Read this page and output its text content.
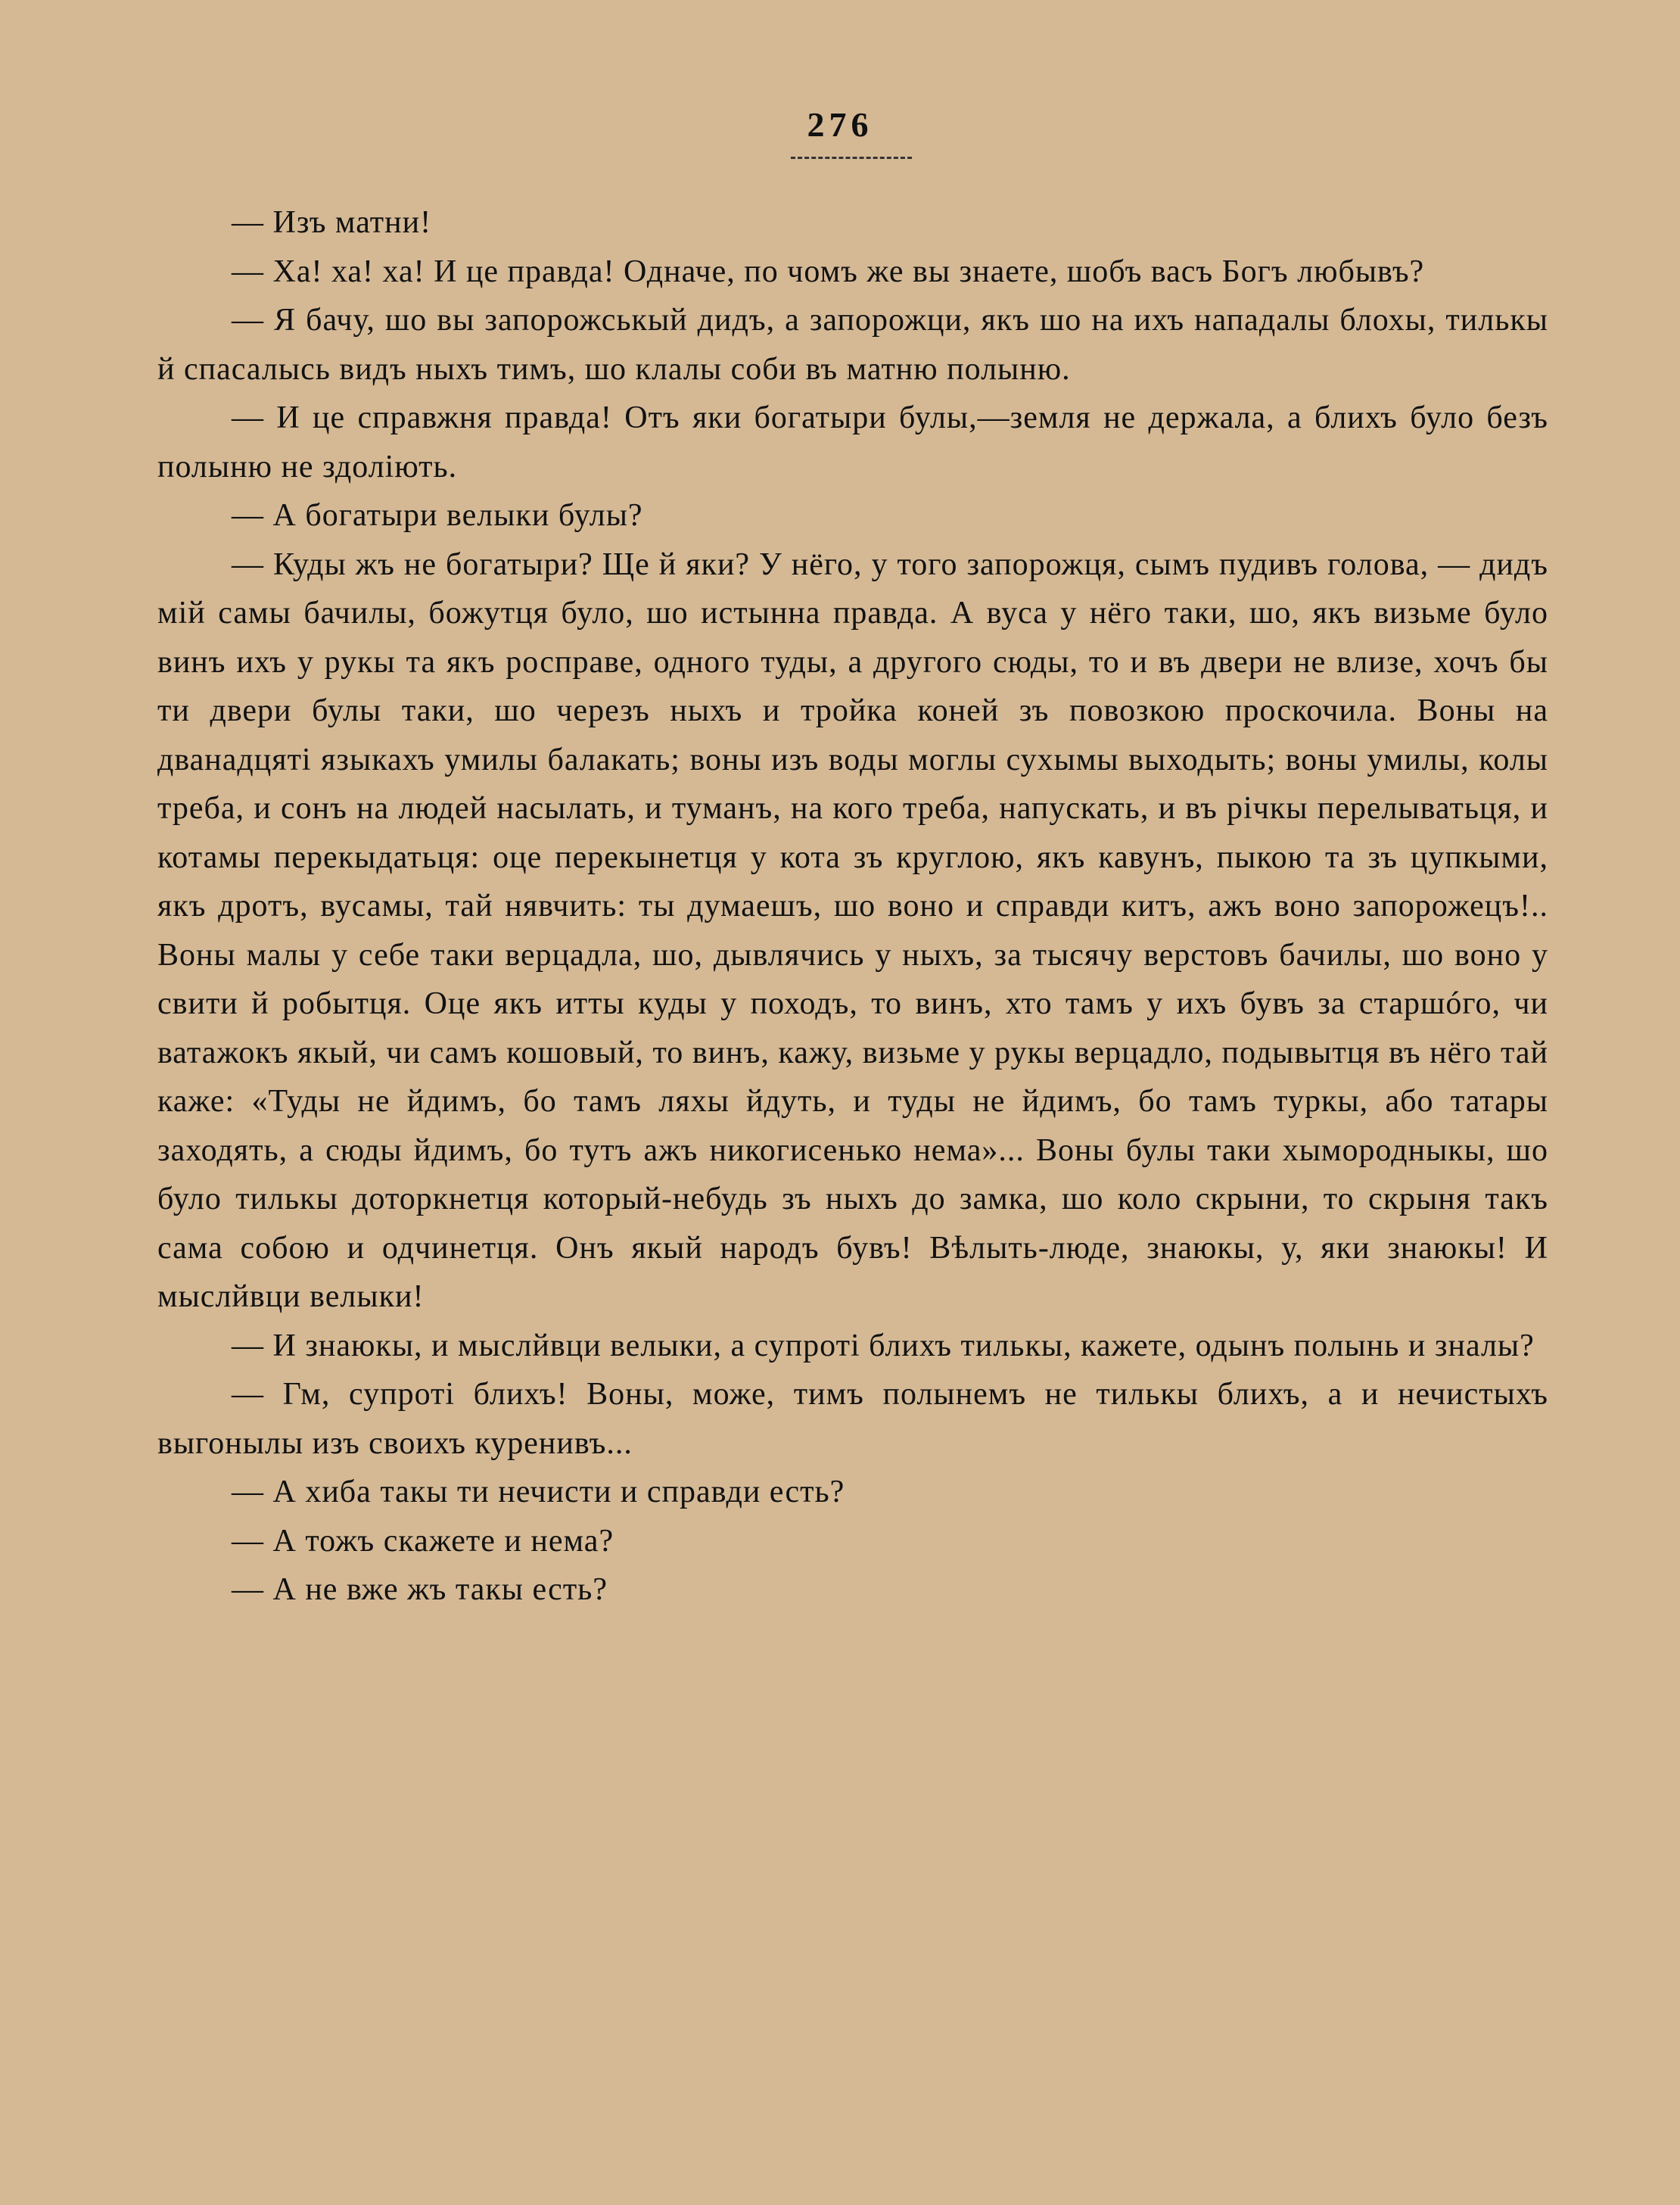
276

— Изъ матни!

— Ха! ха! ха! И це правда! Одначе, по чомъ же вы знаете, шобъ васъ Богъ любывъ?

— Я бачу, шо вы запорожськый дидъ, а запорожци, якъ шо на ихъ нападалы блохы, тилькы й спасалысь видъ ныхъ тимъ, шо клалы соби въ матню полыню.

— И це справжня правда! Отъ яки богатыри булы,—земля не держала, а блихъ було безъ полыню не здолiють.

— А богатыри велыки булы?

— Куды жъ не богатыри? Ще й яки? У нёго, у того запорожця, сымъ пудивъ голова, — дидъ мiй самы бачилы, божутця було, шо истынна правда. А вуса у нёго таки, шо, якъ визьме було винъ ихъ у рукы та якъ росправе, одного туды, а другого сюды, то и въ двери не влизе, хочъ бы ти двери булы таки, шо черезъ ныхъ и тройка коней зъ повозкою проскочила. Воны на дванадцятi языкахъ умилы балакать; воны изъ воды моглы сухымы выходыть; воны умилы, колы треба, и сонъ на людей насылать, и туманъ, на кого треба, напускать, и въ рiчкы перелыватьця, и котамы перекыдатьця: оце перекынетця у кота зъ круглою, якъ кавунъ, пыкою та зъ цупкыми, якъ дротъ, вусамы, тай нявчить: ты думаешъ, шо воно и справди китъ, ажъ воно запорожецъ!.. Воны малы у себе таки верцадла, шо, дывлячись у ныхъ, за тысячу верстовъ бачилы, шо воно у свити й робытця. Оце якъ итты куды у походъ, то винъ, хто тамъ у ихъ бувъ за старшóго, чи ватажокъ якый, чи самъ кошовый, то винъ, кажу, визьме у рукы верцадло, подывытця въ нёго тай каже: «Туды не йдимъ, бо тамъ ляхы йдуть, и туды не йдимъ, бо тамъ туркы, або татары заходять, а сюды йдимъ, бо тутъ ажъ никогисенько нема»... Воны булы таки хымородныкы, шо було тилькы доторкнетця который-небудь зъ ныхъ до замка, шо коло скрыни, то скрыня такъ сама собою и одчинетця. Онъ якый народъ бувъ! Вѣлыть-люде, знаюкы, у, яки знаюкы! И мыслйвци велыки!

— И знаюкы, и мыслйвци велыки, а супротi блихъ тилькы, кажете, одынъ полынь и зналы?

— Гм, супротi блихъ! Воны, може, тимъ полынемъ не тилькы блихъ, а и нечистыхъ выгонылы изъ своихъ куренивъ...

— А хиба такы ти нечисти и справди есть?

— А тожъ скажете и нема?

— А не вже жъ такы есть?
